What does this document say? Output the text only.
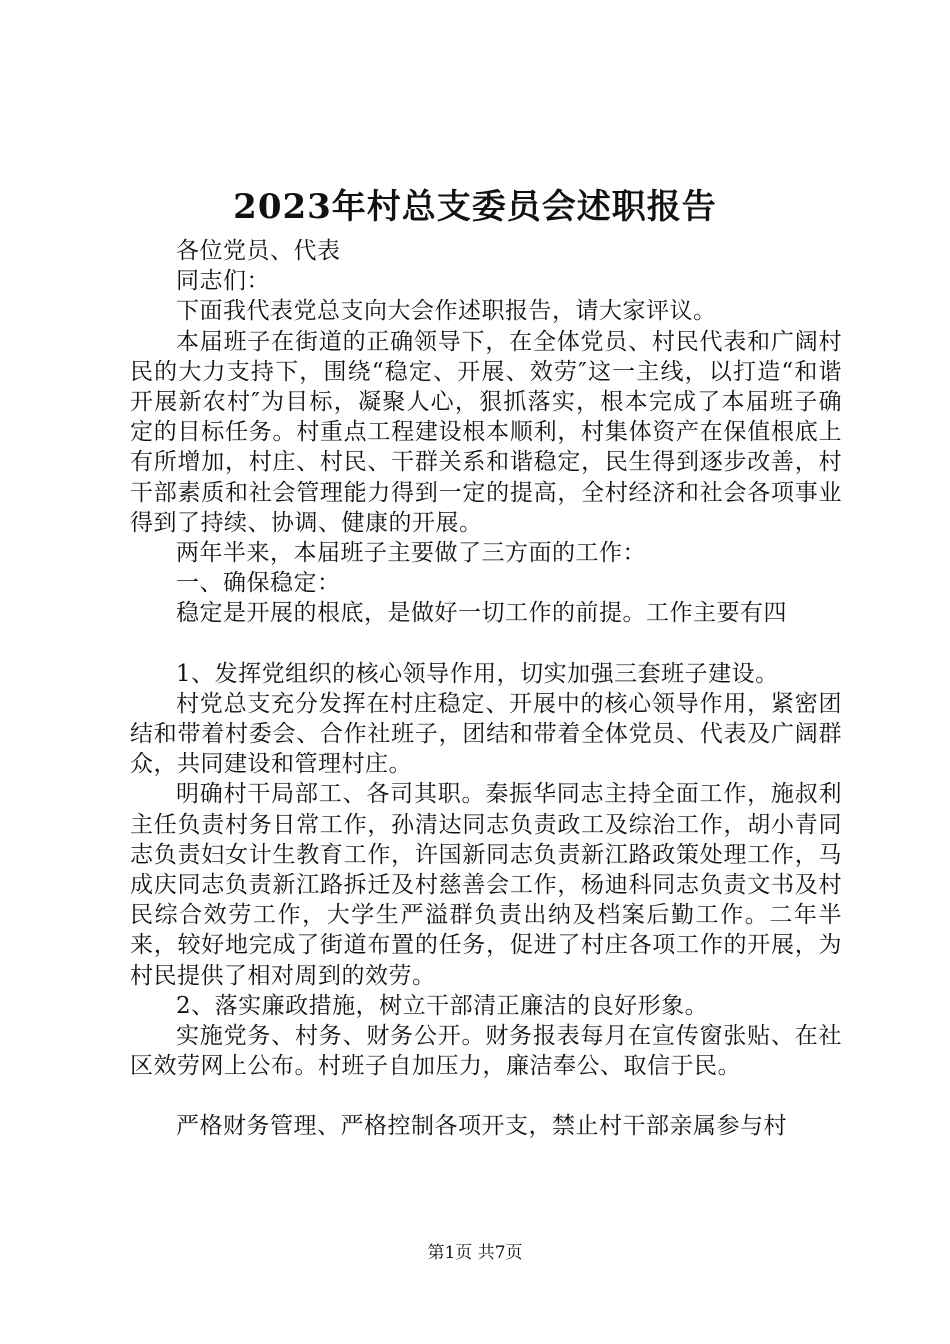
2023年村总支委员会述职报告

各位党员、代表

同志们：

下面我代表党总支向大会作述职报告，请大家评议。

本届班子在街道的正确领导下，在全体党员、村民代表和广阔村民的大力支持下，围绕“稳定、开展、效劳″这一主线，以打造“和谐开展新农村″为目标，凝聚人心，狠抓落实，根本完成了本届班子确定的目标任务。村重点工程建设根本顺利，村集体资产在保值根底上有所增加，村庄、村民、干群关系和谐稳定，民生得到逐步改善，村干部素质和社会管理能力得到一定的提高，全村经济和社会各项事业得到了持续、协调、健康的开展。

两年半来，本届班子主要做了三方面的工作：

一、确保稳定：

稳定是开展的根底，是做好一切工作的前提。工作主要有四

1、发挥党组织的核心领导作用，切实加强三套班子建设。

村党总支充分发挥在村庄稳定、开展中的核心领导作用，紧密团结和带着村委会、合作社班子，团结和带着全体党员、代表及广阔群众，共同建设和管理村庄。

明确村干局部工、各司其职。秦振华同志主持全面工作，施叔利主任负责村务日常工作，孙清达同志负责政工及综治工作，胡小青同志负责妇女计生教育工作，许国新同志负责新江路政策处理工作，马成庆同志负责新江路拆迁及村慈善会工作，杨迪科同志负责文书及村民综合效劳工作，大学生严溢群负责出纳及档案后勤工作。二年半来，较好地完成了街道布置的任务，促进了村庄各项工作的开展，为村民提供了相对周到的效劳。

2、落实廉政措施，树立干部清正廉洁的良好形象。

实施党务、村务、财务公开。财务报表每月在宣传窗张贴、在社区效劳网上公布。村班子自加压力，廉洁奉公、取信于民。

严格财务管理、严格控制各项开支，禁止村干部亲属参与村

第1页 共7页
